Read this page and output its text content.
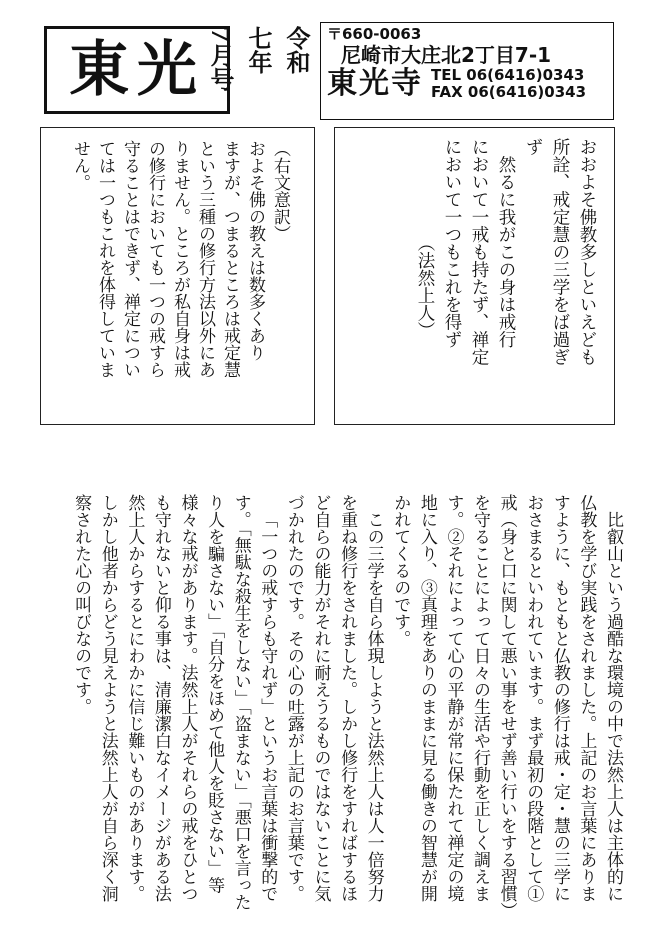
東光	令和
七年
7月号	〒660-0063
尼崎市大庄北2丁目7-1
東光寺 TEL 06(6416)0343
FAX 06(6416)0343
おおよそ佛教多しといえども
所詮、戒定慧の三学をば過ぎ
ず
　然るに我がこの身は戒行
において一戒も持たず、禅定
において一つもこれを得ず
　　　　　　（法然上人）
（右文意訳）
およそ佛の教えは数多くあり
ますが、つまるところは戒定慧
という三種の修行方法以外にあ
りません。ところが私自身は戒
の修行においても一つの戒すら
守ることはできず、禅定につい
ては一つもこれを体得していま
せん。

比叡山という過酷な環境の中で法然上人は主体的に仏教を学び実践をされました。上記のお言葉にありますように、もともと仏教の修行は戒・定・慧の三学におさまるといわれています。まず最初の段階として①戒（身と口に関して悪い事をせず善い行いをする習慣）を守ることによって日々の生活や行動を正しく調えます。②それによって心の平静が常に保たれて禅定の境地に入り、③真理をありのままに見る働きの智慧が開かれてくるのです。

この三学を自ら体現しようと法然上人は人一倍努力を重ね修行をされました。しかし修行をすればするほど自らの能力がそれに耐えうるものではないことに気づかれたのです。その心の吐露が上記のお言葉です。

「一つの戒すらも守れず」というお言葉は衝撃的です。「無駄な殺生をしない」「盗まない」「悪口を言ったり人を騙さない」「自分をほめて他人を貶さない」等様々な戒があります。法然上人がそれらの戒をひとつも守れないと仰る事は、清廉潔白なイメージがある法然上人からするとにわかに信じ難いものがあります。しかし他者からどう見えようと法然上人が自ら深く洞察された心の叫びなのです。
